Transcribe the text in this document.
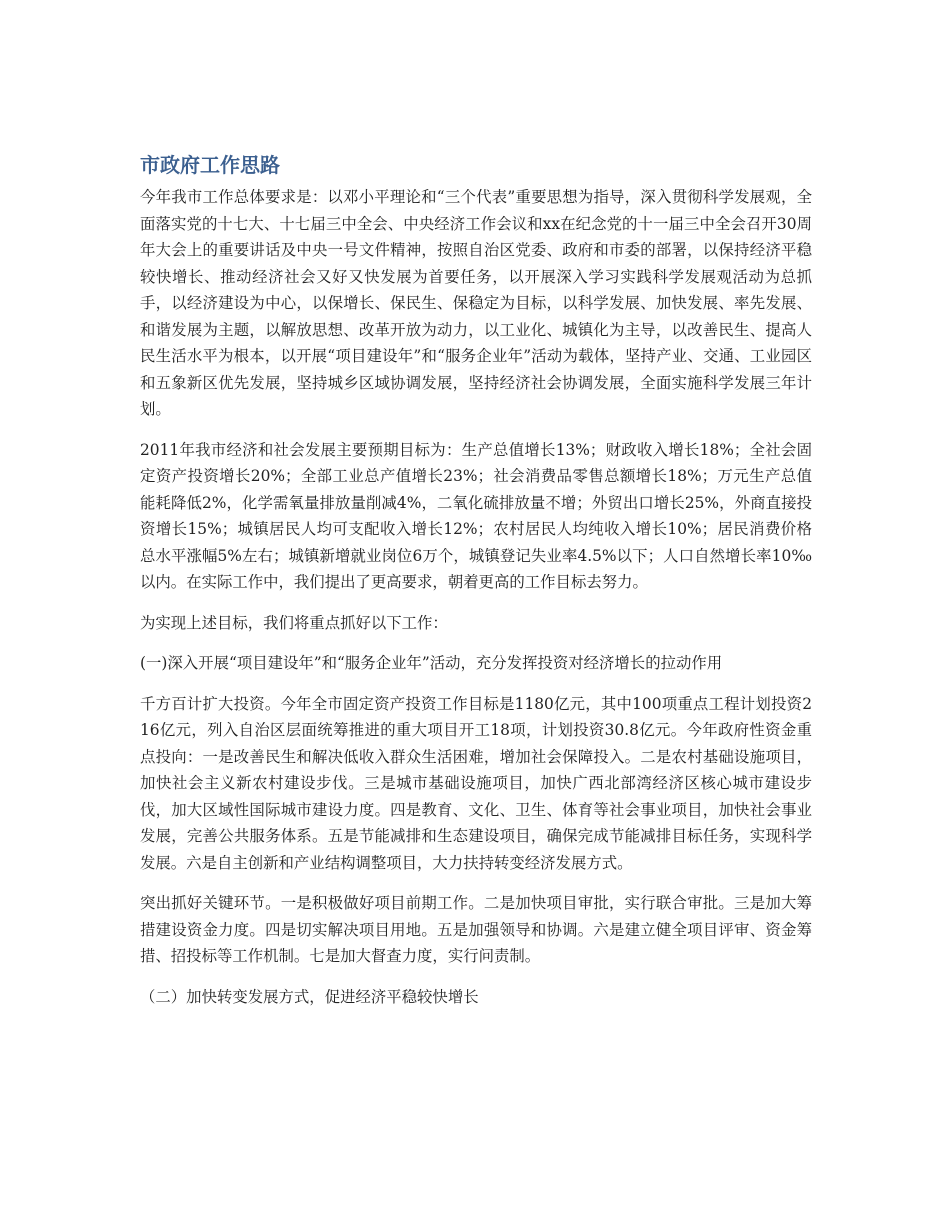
市政府工作思路

今年我市工作总体要求是：以邓小平理论和“三个代表”重要思想为指导，深入贯彻科学发展观，全面落实党的十七大、十七届三中全会、中央经济工作会议和xx在纪念党的十一届三中全会召开30周年大会上的重要讲话及中央一号文件精神，按照自治区党委、政府和市委的部署，以保持经济平稳较快增长、推动经济社会又好又快发展为首要任务，以开展深入学习实践科学发展观活动为总抓手，以经济建设为中心，以保增长、保民生、保稳定为目标，以科学发展、加快发展、率先发展、和谐发展为主题，以解放思想、改革开放为动力，以工业化、城镇化为主导，以改善民生、提高人民生活水平为根本，以开展“项目建设年”和“服务企业年”活动为载体，坚持产业、交通、工业园区和五象新区优先发展，坚持城乡区域协调发展，坚持经济社会协调发展，全面实施科学发展三年计划。

2011年我市经济和社会发展主要预期目标为：生产总值增长13%；财政收入增长18%；全社会固定资产投资增长20%；全部工业总产值增长23%；社会消费品零售总额增长18%；万元生产总值能耗降低2%，化学需氧量排放量削减4%，二氧化硫排放量不增；外贸出口增长25%，外商直接投资增长15%；城镇居民人均可支配收入增长12%；农村居民人均纯收入增长10%；居民消费价格总水平涨幅5%左右；城镇新增就业岗位6万个，城镇登记失业率4.5%以下；人口自然增长率10‰以内。在实际工作中，我们提出了更高要求，朝着更高的工作目标去努力。

为实现上述目标，我们将重点抓好以下工作：

(一)深入开展“项目建设年”和“服务企业年”活动，充分发挥投资对经济增长的拉动作用

千方百计扩大投资。今年全市固定资产投资工作目标是1180亿元，其中100项重点工程计划投资216亿元，列入自治区层面统筹推进的重大项目开工18项，计划投资30.8亿元。今年政府性资金重点投向：一是改善民生和解决低收入群众生活困难，增加社会保障投入。二是农村基础设施项目，加快社会主义新农村建设步伐。三是城市基础设施项目，加快广西北部湾经济区核心城市建设步伐，加大区域性国际城市建设力度。四是教育、文化、卫生、体育等社会事业项目，加快社会事业发展，完善公共服务体系。五是节能减排和生态建设项目，确保完成节能减排目标任务，实现科学发展。六是自主创新和产业结构调整项目，大力扶持转变经济发展方式。

突出抓好关键环节。一是积极做好项目前期工作。二是加快项目审批，实行联合审批。三是加大筹措建设资金力度。四是切实解决项目用地。五是加强领导和协调。六是建立健全项目评审、资金筹措、招投标等工作机制。七是加大督查力度，实行问责制。

（二）加快转变发展方式，促进经济平稳较快增长
